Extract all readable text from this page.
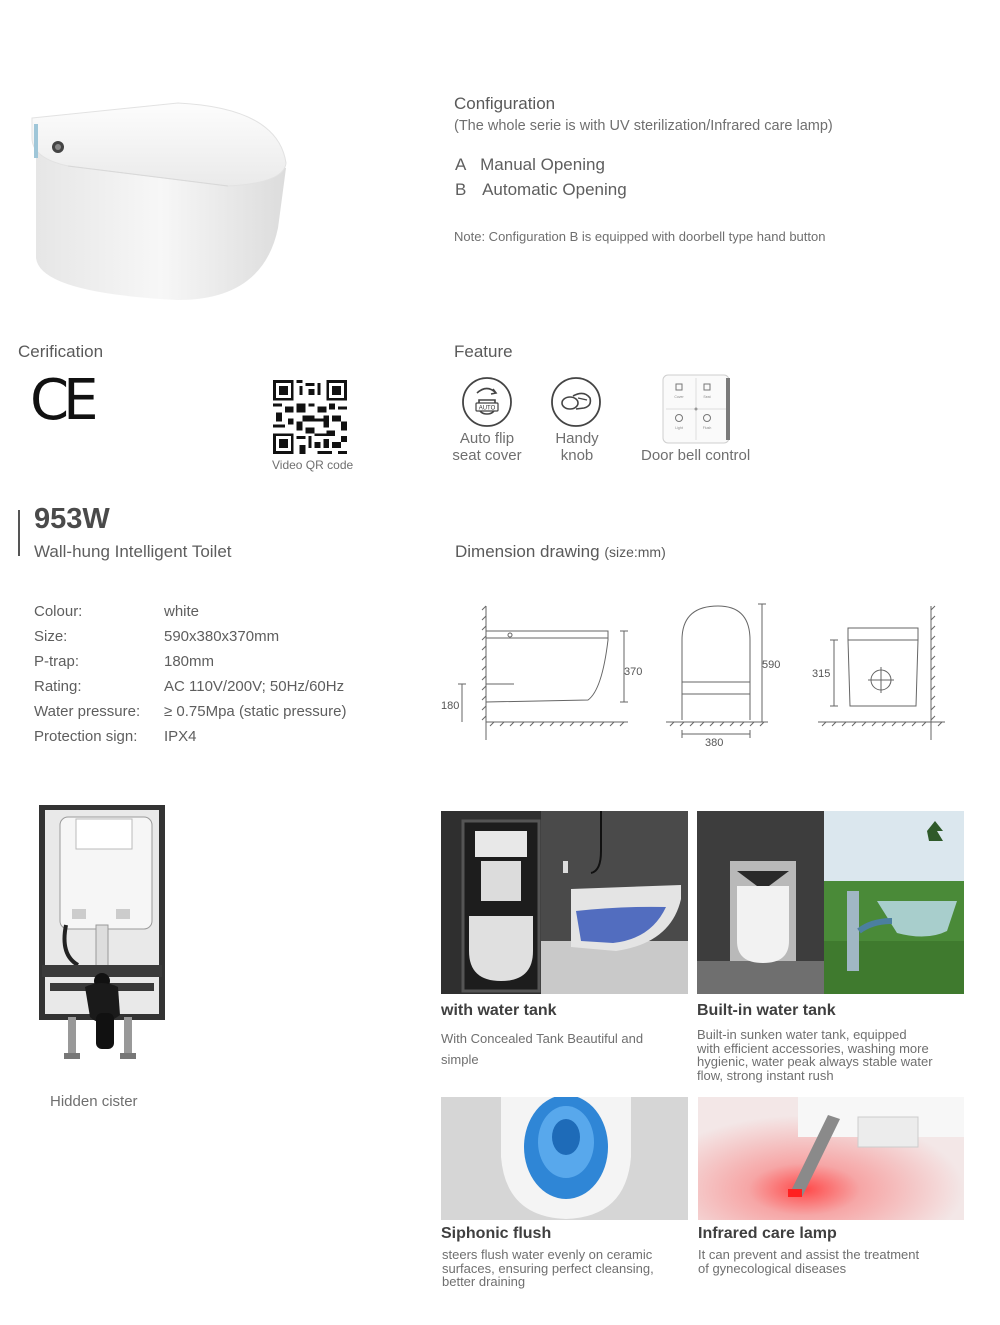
Configuration
(The whole serie is with UV sterilization/Infrared care lamp)
A Manual Opening
B Automatic Opening
Note: Configuration B is equipped with doorbell type hand button
Cerification
CE
Video QR code
Feature
AUTO
Auto flip
seat cover
Handy
knob
Cover	Seat
Light	Flush
Door bell control
953W
Wall-hung Intelligent Toilet
Colour:	white
Size:	590x380x370mm
P-trap:	180mm
Rating:	AC 110V/200V; 50Hz/60Hz
Water pressure: ≥ 0.75Mpa (static pressure)
Protection sign: IPX4
Dimension drawing (size:mm)
370
180
590
380
315
Hidden cister
with water tank
With Concealed Tank Beautiful and
simple
Built-in water tank
Built-in sunken water tank, equipped
with efficient accessories, washing more
hygienic, water peak always stable water
flow, strong instant rush
Siphonic flush
steers flush water evenly on ceramic
surfaces, ensuring perfect cleansing,
better draining
Infrared care lamp
It can prevent and assist the treatment
of gynecological diseases
